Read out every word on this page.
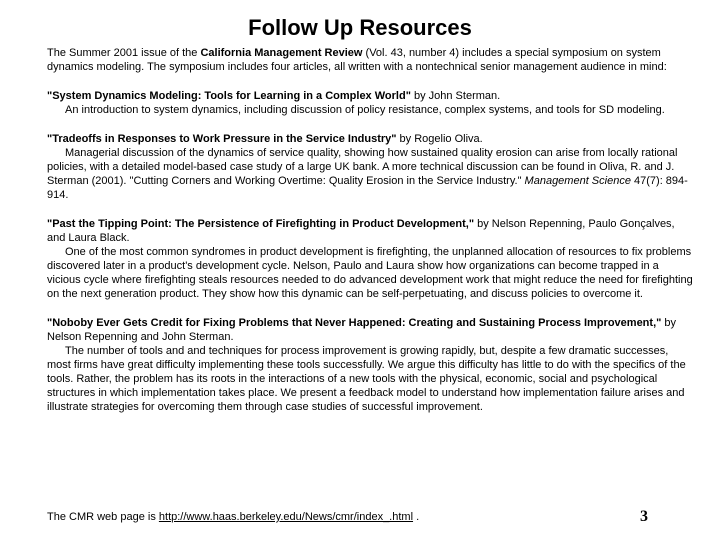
Follow Up Resources

The Summer 2001 issue of the California Management Review (Vol. 43, number 4) includes a special symposium on system dynamics modeling. The symposium includes four articles, all written with a nontechnical senior management audience in mind:

"System Dynamics Modeling: Tools for Learning in a Complex World" by John Sterman.

An introduction to system dynamics, including discussion of policy resistance, complex systems, and tools for SD modeling.

"Tradeoffs in Responses to Work Pressure in the Service Industry" by Rogelio Oliva.

Managerial discussion of the dynamics of service quality, showing how sustained quality erosion can arise from locally rational policies, with a detailed model-based case study of a large UK bank. A more technical discussion can be found in Oliva, R. and J. Sterman (2001). "Cutting Corners and Working Overtime: Quality Erosion in the Service Industry." Management Science 47(7): 894-914.

"Past the Tipping Point: The Persistence of Firefighting in Product Development," by Nelson Repenning, Paulo Gonçalves, and Laura Black.

One of the most common syndromes in product development is firefighting, the unplanned allocation of resources to fix problems discovered later in a product's development cycle. Nelson, Paulo and Laura show how organizations can become trapped in a vicious cycle where firefighting steals resources needed to do advanced development work that might reduce the need for firefighting on the next generation product. They show how this dynamic can be self-perpetuating, and discuss policies to overcome it.

"Noboby Ever Gets Credit for Fixing Problems that Never Happened: Creating and Sustaining Process Improvement," by Nelson Repenning and John Sterman.

The number of tools and and techniques for process improvement is growing rapidly, but, despite a few dramatic successes, most firms have great difficulty implementing these tools successfully. We argue this difficulty has little to do with the specifics of the tools. Rather, the problem has its roots in the interactions of a new tools with the physical, economic, social and psychological structures in which implementation takes place. We present a feedback model to understand how implementation failure arises and illustrate strategies for overcoming them through case studies of successful improvement.

The CMR web page is http://www.haas.berkeley.edu/News/cmr/index_.html .	3
